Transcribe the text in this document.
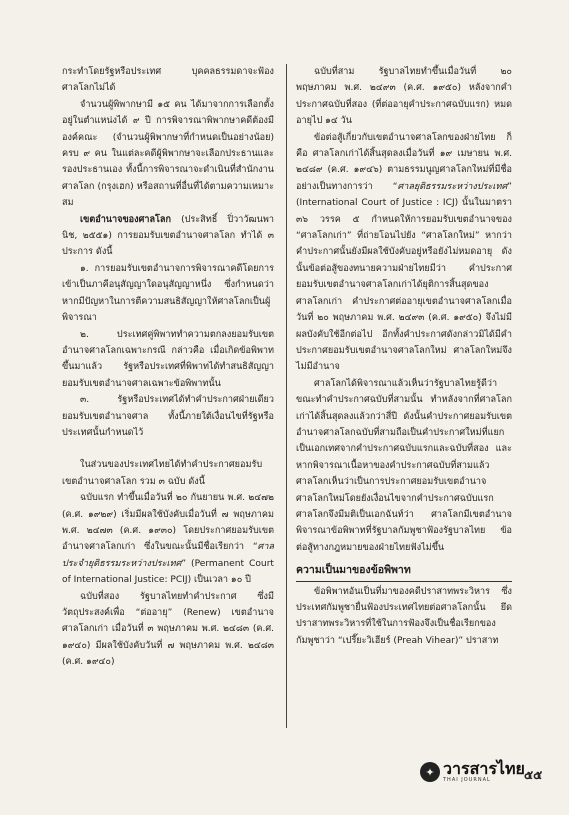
กระทำโดยรัฐหรือประเทศ บุคคลธรรมดาจะฟ้องศาลโลกไม่ได้

จำนวนผู้พิพากษามี ๑๕ คน ได้มาจากการเลือกตั้ง อยู่ในตำแหน่งได้ ๙ ปี การพิจารณาพิพากษาคดีต้องมีองค์คณะ (จำนวนผู้พิพากษาที่กำหนดเป็นอย่างน้อย) ครบ ๙ คน ในแต่ละคดีผู้พิพากษาจะเลือกประธานและรองประธานเอง ทั้งนี้การพิจารณาจะดำเนินที่สำนักงานศาลโลก (กรุงเฮก) หรือสถานที่อื่นที่ได้ตามความเหมาะสม

เขตอำนาจของศาลโลก (ประสิทธิ์ ปิ่วาวัฒนพานิช, ๒๕๕๑) การยอมรับเขตอำนาจศาลโลก ทำได้ ๓ ประการ ดังนี้

๑. การยอมรับเขตอำนาจการพิจารณาคดีโดยการเข้าเป็นภาคีอนุสัญญาใดอนุสัญญาหนึ่ง ซึ่งกำหนดว่า หากมีปัญหาในการตีความสนธิสัญญาให้ศาลโลกเป็นผู้พิจารณา

๒. ประเทศคู่พิพาททำความตกลงยอมรับเขตอำนาจศาลโลกเฉพาะกรณี กล่าวคือ เมื่อเกิดข้อพิพาทขึ้นมาแล้ว รัฐหรือประเทศที่พิพาทได้ทำสนธิสัญญายอมรับเขตอำนาจศาลเฉพาะข้อพิพาทนั้น

๓. รัฐหรือประเทศได้ทำคำประกาศฝ่ายเดียวยอมรับเขตอำนาจศาล ทั้งนี้ภายใต้เงื่อนไขที่รัฐหรือประเทศนั้นกำหนดไว้

ในส่วนของประเทศไทยได้ทำคำประกาศยอมรับเขตอำนาจศาลโลก รวม ๓ ฉบับ ดังนี้

ฉบับแรก ทำขึ้นเมื่อวันที่ ๒๐ กันยายน พ.ศ. ๒๔๗๒ (ค.ศ. ๑๙๒๙) เริ่มมีผลใช้บังคับเมื่อวันที่ ๗ พฤษภาคม พ.ศ. ๒๔๗๓ (ค.ศ. ๑๙๓๐) โดยประกาศยอมรับเขตอำนาจศาลโลกเก่า ซึ่งในขณะนั้นมีชื่อเรียกว่า “ศาลประจำยุติธรรมระหว่างประเทศ” (Permanent Court of International Justice: PCIJ) เป็นเวลา ๑๐ ปี

ฉบับที่สอง รัฐบาลไทยทำคำประกาศ ซึ่งมีวัตถุประสงค์เพื่อ “ต่ออายุ” (Renew) เขตอำนาจศาลโลกเก่า เมื่อวันที่ ๓ พฤษภาคม พ.ศ. ๒๔๘๓ (ค.ศ. ๑๙๔๐) มีผลใช้บังคับวันที่ ๗ พฤษภาคม พ.ศ. ๒๔๘๓ (ค.ศ. ๑๙๔๐)

ฉบับที่สาม รัฐบาลไทยทำขึ้นเมื่อวันที่ ๒๐ พฤษภาคม พ.ศ. ๒๔๙๓ (ค.ศ. ๑๙๕๐) หลังจากคำประกาศฉบับที่สอง (ที่ต่ออายุคำประกาศฉบับแรก) หมดอายุไป ๑๔ วัน

ข้อต่อสู้เกี่ยวกับเขตอำนาจศาลโลกของฝ่ายไทย ก็คือ ศาลโลกเก่าได้สิ้นสุดลงเมื่อวันที่ ๑๙ เมษายน พ.ศ. ๒๔๘๙ (ค.ศ. ๑๙๔๖) ตามธรรมนูญศาลโลกใหม่ที่มีชื่ออย่างเป็นทางการว่า “ศาลยุติธรรมระหว่างประเทศ” (International Court of Justice : ICJ) นั้นในมาตรา ๓๖ วรรค ๕ กำหนดให้การยอมรับเขตอำนาจของ “ศาลโลกเก่า” ที่ถ่ายโอนไปยัง “ศาลโลกใหม่” หากว่าคำประกาศนั้นยังมีผลใช้บังคับอยู่หรือยังไม่หมดอายุ ดังนั้นข้อต่อสู้ของทนายความฝ่ายไทยมีว่า คำประกาศยอมรับเขตอำนาจศาลโลกเก่าได้ยุติการสิ้นสุดของศาลโลกเก่า คำประกาศต่ออายุเขตอำนาจศาลโลกเมื่อวันที่ ๒๐ พฤษภาคม พ.ศ. ๒๔๙๓ (ค.ศ. ๑๙๕๐) จึงไม่มีผลบังคับใช้อีกต่อไป อีกทั้งคำประกาศดังกล่าวมิได้มีคำประกาศยอมรับเขตอำนาจศาลโลกใหม่ ศาลโลกใหม่จึงไม่มีอำนาจ

ศาลโลกได้พิจารณาแล้วเห็นว่ารัฐบาลไทยรู้ดีว่าขณะทำคำประกาศฉบับที่สามนั้น ทำหลังจากที่ศาลโลกเก่าได้สิ้นสุดลงแล้วกว่าสี่ปี ดังนั้นคำประกาศยอมรับเขตอำนาจศาลโลกฉบับที่สามถือเป็นคำประกาศใหม่ที่แยกเป็นเอกเทศจากคำประกาศฉบับแรกและฉบับที่สอง และหากพิจารณาเนื้อหาของคำประกาศฉบับที่สามแล้ว ศาลโลกเห็นว่าเป็นการประกาศยอมรับเขตอำนาจศาลโลกใหม่โดยยังเงื่อนไขจากคำประกาศฉบับแรก ศาลโลกจึงมีมติเป็นเอกฉันท์ว่า ศาลโลกมีเขตอำนาจพิจารณาข้อพิพาทที่รัฐบาลกัมพูชาฟ้องรัฐบาลไทย ข้อต่อสู้ทางกฎหมายของฝ่ายไทยฟังไม่ขึ้น

ความเป็นมาของข้อพิพาท

ข้อพิพาทอันเป็นที่มาของคดีปราสาทพระวิหาร ซึ่งประเทศกัมพูชายื่นฟ้องประเทศไทยต่อศาลโลกนั้น ยึดปราสาทพระวิหารที่ใช้ในการฟ้องจึงเป็นชื่อเรียกของกัมพูชาว่า “เปรี๊ยะวิเฮียร์ (Preah Vihear)” ปราสาท

✦ วารสารไทย
THAI JOURNAL	๕๕
